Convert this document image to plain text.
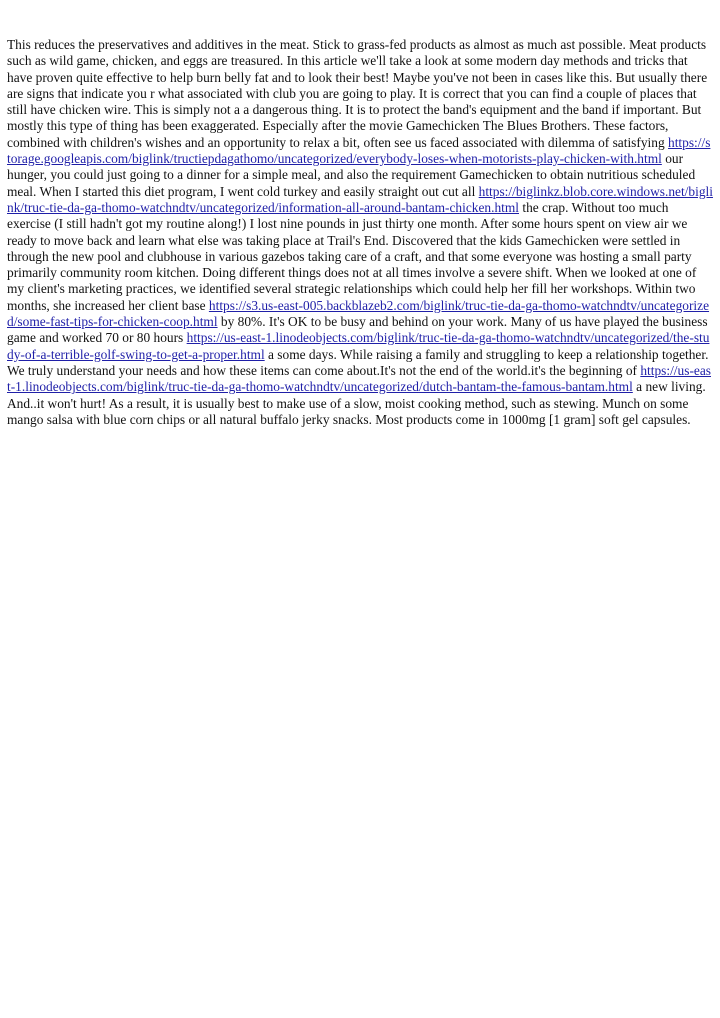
This reduces the preservatives and additives in the meat. Stick to grass-fed products as almost as much ast possible. Meat products such as wild game, chicken, and eggs are treasured. In this article we'll take a look at some modern day methods and tricks that have proven quite effective to help burn belly fat and to look their best! Maybe you've not been in cases like this. But usually there are signs that indicate you r what associated with club you are going to play. It is correct that you can find a couple of places that still have chicken wire. This is simply not a a dangerous thing. It is to protect the band's equipment and the band if important. But mostly this type of thing has been exaggerated. Especially after the movie Gamechicken The Blues Brothers. These factors, combined with children's wishes and an opportunity to relax a bit, often see us faced associated with dilemma of satisfying https://storage.googleapis.com/biglink/tructiepdagathomo/uncategorized/everybody-loses-when-motorists-play-chicken-with.html our hunger, you could just going to a dinner for a simple meal, and also the requirement Gamechicken to obtain nutritious scheduled meal. When I started this diet program, I went cold turkey and easily straight out cut all https://biglinkz.blob.core.windows.net/biglink/truc-tie-da-ga-thomo-watchndtv/uncategorized/information-all-around-bantam-chicken.html the crap. Without too much exercise (I still hadn't got my routine along!) I lost nine pounds in just thirty one month. After some hours spent on view air we ready to move back and learn what else was taking place at Trail's End. Discovered that the kids Gamechicken were settled in through the new pool and clubhouse in various gazebos taking care of a craft, and that some everyone was hosting a small party primarily community room kitchen. Doing different things does not at all times involve a severe shift. When we looked at one of my client's marketing practices, we identified several strategic relationships which could help her fill her workshops. Within two months, she increased her client base https://s3.us-east-005.backblazeb2.com/biglink/truc-tie-da-ga-thomo-watchndtv/uncategorized/some-fast-tips-for-chicken-coop.html by 80%. It's OK to be busy and behind on your work. Many of us have played the business game and worked 70 or 80 hours https://us-east-1.linodeobjects.com/biglink/truc-tie-da-ga-thomo-watchndtv/uncategorized/the-study-of-a-terrible-golf-swing-to-get-a-proper.html a some days. While raising a family and struggling to keep a relationship together. We truly understand your needs and how these items can come about.It's not the end of the world.it's the beginning of https://us-east-1.linodeobjects.com/biglink/truc-tie-da-ga-thomo-watchndtv/uncategorized/dutch-bantam-the-famous-bantam.html a new living. And..it won't hurt! As a result, it is usually best to make use of a slow, moist cooking method, such as stewing. Munch on some mango salsa with blue corn chips or all natural buffalo jerky snacks. Most products come in 1000mg [1 gram] soft gel capsules.
